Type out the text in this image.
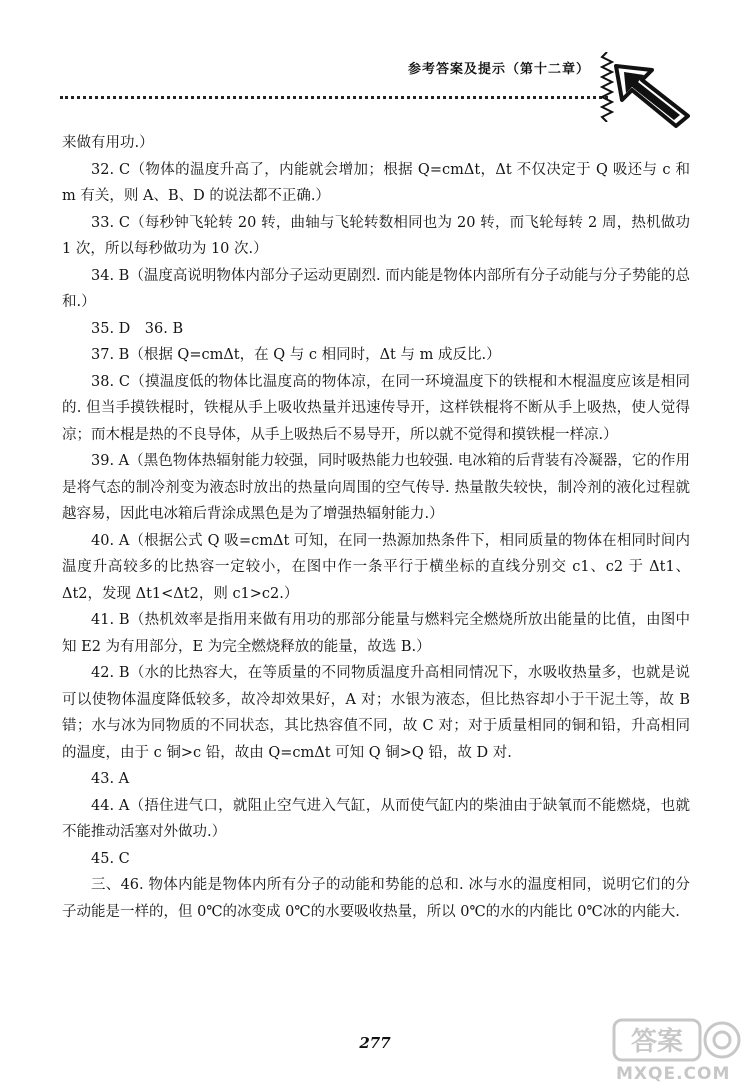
参考答案及提示（第十二章）

来做有用功.）

32. C（物体的温度升高了，内能就会增加；根据 Q=cmΔt，Δt 不仅决定于 Q 吸还与 c 和 m 有关，则 A、B、D 的说法都不正确.）

33. C（每秒钟飞轮转 20 转，曲轴与飞轮转数相同也为 20 转，而飞轮每转 2 周，热机做功 1 次，所以每秒做功为 10 次.）

34. B（温度高说明物体内部分子运动更剧烈. 而内能是物体内部所有分子动能与分子势能的总和.）

35. D　36. B

37. B（根据 Q=cmΔt，在 Q 与 c 相同时，Δt 与 m 成反比.）

38. C（摸温度低的物体比温度高的物体凉，在同一环境温度下的铁棍和木棍温度应该是相同的. 但当手摸铁棍时，铁棍从手上吸收热量并迅速传导开，这样铁棍将不断从手上吸热，使人觉得凉；而木棍是热的不良导体，从手上吸热后不易导开，所以就不觉得和摸铁棍一样凉.）

39. A（黑色物体热辐射能力较强，同时吸热能力也较强. 电冰箱的后背装有冷凝器，它的作用是将气态的制冷剂变为液态时放出的热量向周围的空气传导. 热量散失较快，制冷剂的液化过程就越容易，因此电冰箱后背涂成黑色是为了增强热辐射能力.）

40. A（根据公式 Q 吸=cmΔt 可知，在同一热源加热条件下，相同质量的物体在相同时间内温度升高较多的比热容一定较小，在图中作一条平行于横坐标的直线分别交 c1、c2 于 Δt1、Δt2，发现 Δt1<Δt2，则 c1>c2.）

41. B（热机效率是指用来做有用功的那部分能量与燃料完全燃烧所放出能量的比值，由图中知 E2 为有用部分，E 为完全燃烧释放的能量，故选 B.）

42. B（水的比热容大，在等质量的不同物质温度升高相同情况下，水吸收热量多，也就是说可以使物体温度降低较多，故冷却效果好，A 对；水银为液态，但比热容却小于干泥土等，故 B 错；水与冰为同物质的不同状态，其比热容值不同，故 C 对；对于质量相同的铜和铅，升高相同的温度，由于 c 铜>c 铅，故由 Q=cmΔt 可知 Q 铜>Q 铅，故 D 对.

43. A

44. A（捂住进气口，就阻止空气进入气缸，从而使气缸内的柴油由于缺氧而不能燃烧，也就不能推动活塞对外做功.）

45. C

三、46. 物体内能是物体内所有分子的动能和势能的总和. 冰与水的温度相同，说明它们的分子动能是一样的，但 0℃的冰变成 0℃的水要吸收热量，所以 0℃的水的内能比 0℃冰的内能大.

277	答案
MXQE.COM
